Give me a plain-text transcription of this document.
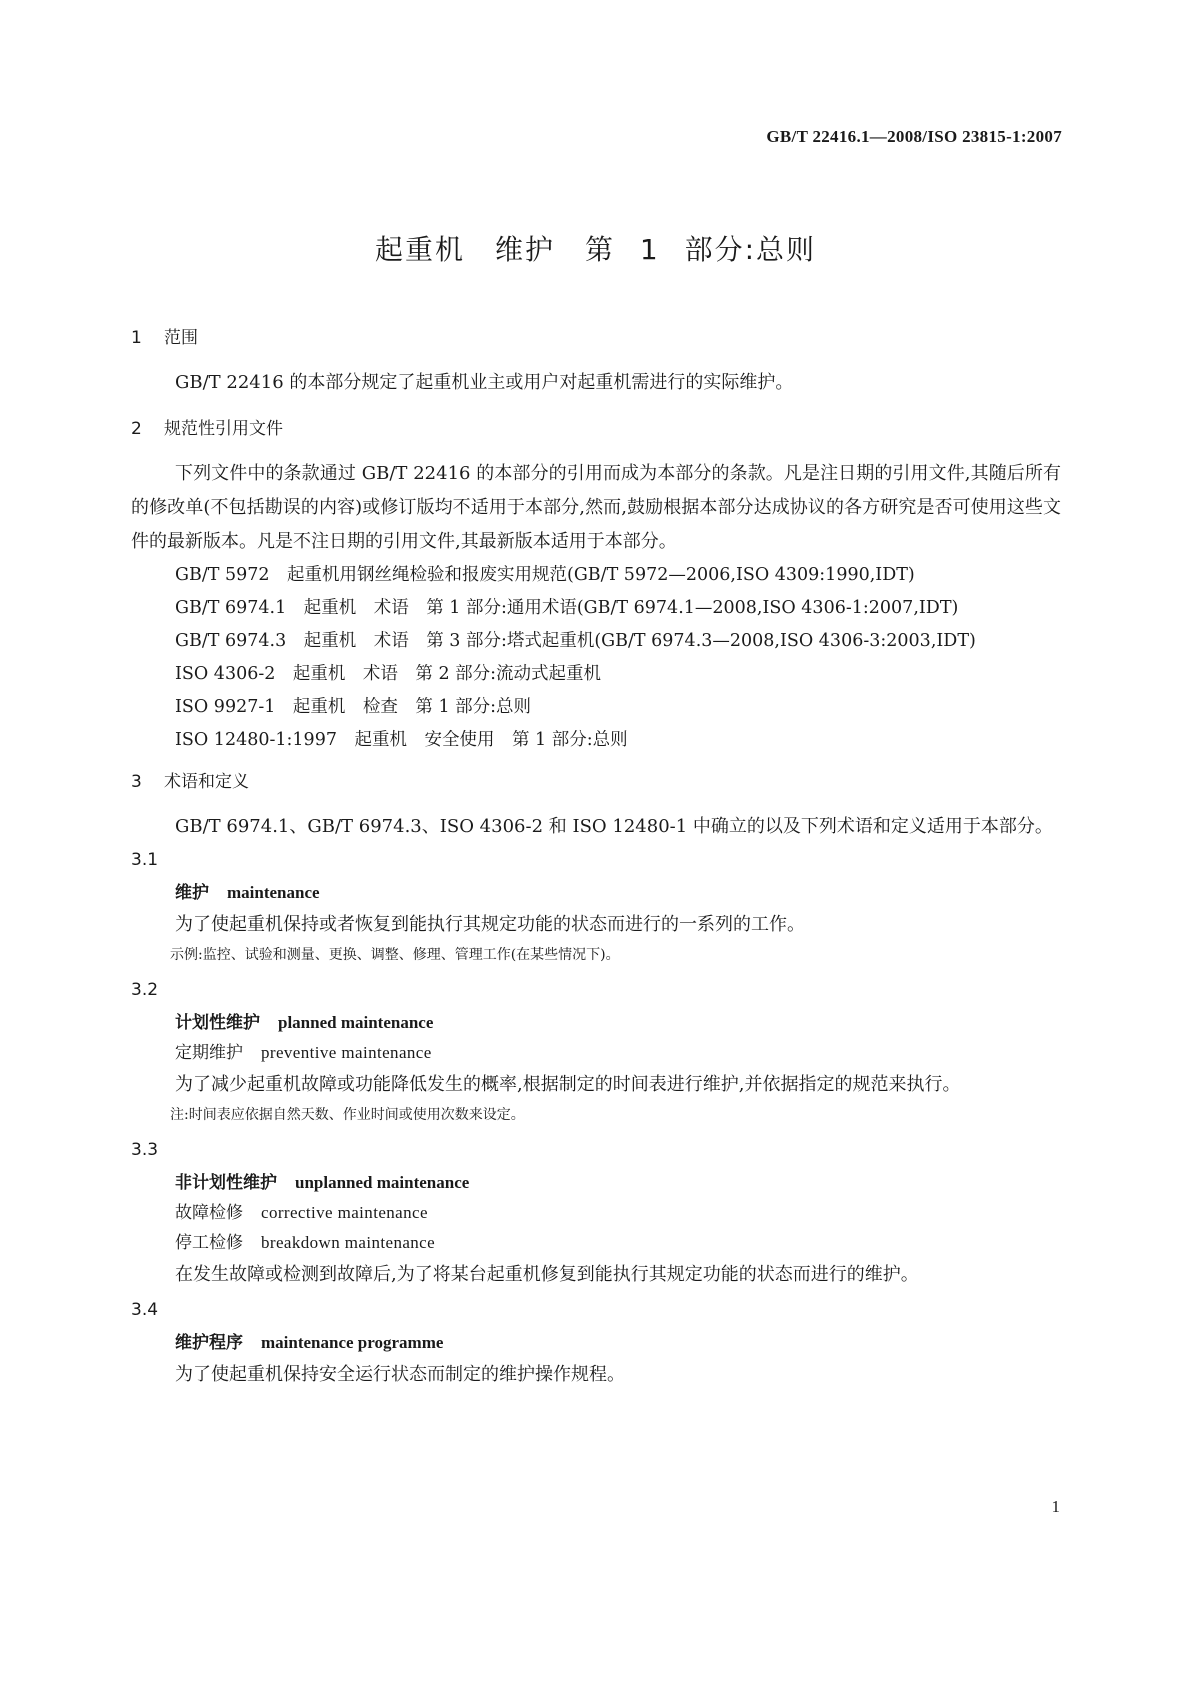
GB/T 22416.1—2008/ISO 23815-1:2007
起重机　维护　第 1 部分:总则

1 范围

GB/T 22416 的本部分规定了起重机业主或用户对起重机需进行的实际维护。

2 规范性引用文件

下列文件中的条款通过 GB/T 22416 的本部分的引用而成为本部分的条款。凡是注日期的引用文件,其随后所有的修改单(不包括勘误的内容)或修订版均不适用于本部分,然而,鼓励根据本部分达成协议的各方研究是否可使用这些文件的最新版本。凡是不注日期的引用文件,其最新版本适用于本部分。

GB/T 5972　起重机用钢丝绳检验和报废实用规范(GB/T 5972—2006,ISO 4309:1990,IDT)

GB/T 6974.1　起重机　术语　第 1 部分:通用术语(GB/T 6974.1—2008,ISO 4306-1:2007,IDT)

GB/T 6974.3　起重机　术语　第 3 部分:塔式起重机(GB/T 6974.3—2008,ISO 4306-3:2003,IDT)

ISO 4306-2　起重机　术语　第 2 部分:流动式起重机

ISO 9927-1　起重机　检查　第 1 部分:总则

ISO 12480-1:1997　起重机　安全使用　第 1 部分:总则

3 术语和定义

GB/T 6974.1、GB/T 6974.3、ISO 4306-2 和 ISO 12480-1 中确立的以及下列术语和定义适用于本部分。

3.1

维护 maintenance

为了使起重机保持或者恢复到能执行其规定功能的状态而进行的一系列的工作。

示例:监控、试验和测量、更换、调整、修理、管理工作(在某些情况下)。

3.2

计划性维护 planned maintenance

定期维护 preventive maintenance

为了减少起重机故障或功能降低发生的概率,根据制定的时间表进行维护,并依据指定的规范来执行。

注:时间表应依据自然天数、作业时间或使用次数来设定。

3.3

非计划性维护 unplanned maintenance

故障检修 corrective maintenance

停工检修 breakdown maintenance

在发生故障或检测到故障后,为了将某台起重机修复到能执行其规定功能的状态而进行的维护。

3.4

维护程序 maintenance programme

为了使起重机保持安全运行状态而制定的维护操作规程。

1
